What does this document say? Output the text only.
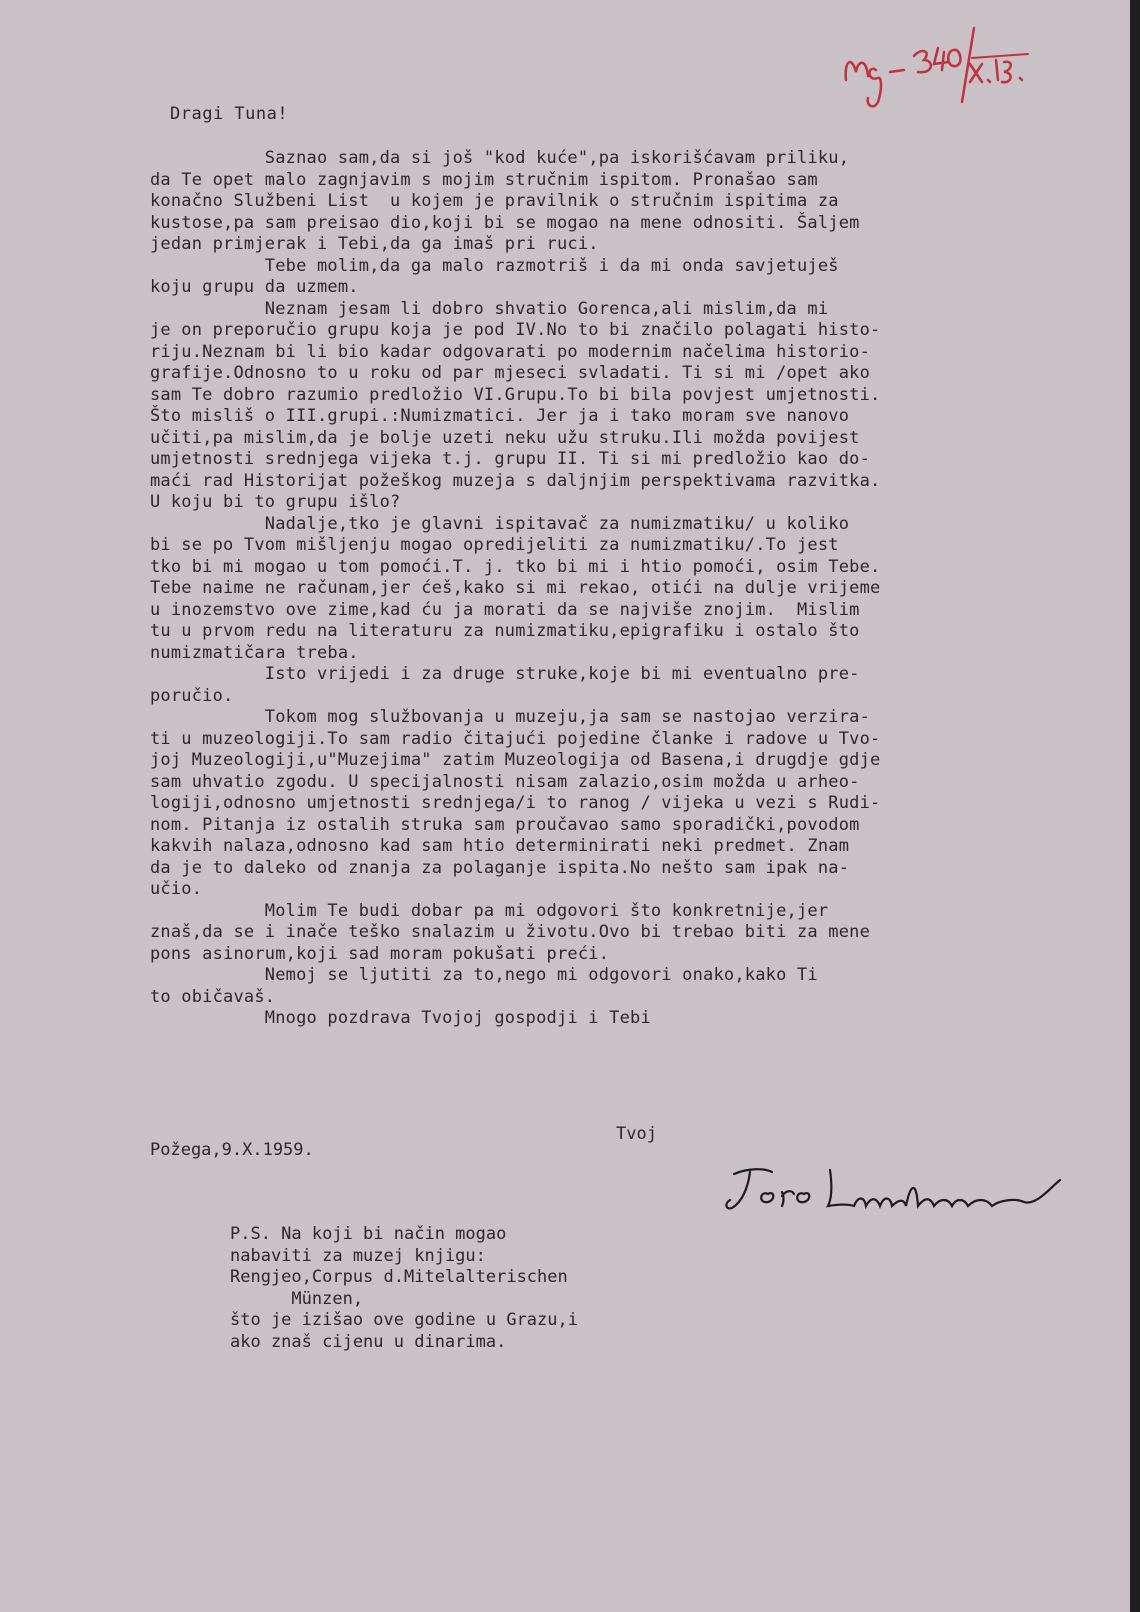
Dragi Tuna!
Saznao sam,da si još "kod kuće",pa iskorišćavam priliku,
da Te opet malo zagnjavim s mojim stručnim ispitom. Pronašao sam
konačno Službeni List  u kojem je pravilnik o stručnim ispitima za
kustose,pa sam preisao dio,koji bi se mogao na mene odnositi. Šaljem
jedan primjerak i Tebi,da ga imaš pri ruci.
Tebe molim,da ga malo razmotriš i da mi onda savjetuješ
koju grupu da uzmem.
Neznam jesam li dobro shvatio Gorenca,ali mislim,da mi
je on preporučio grupu koja je pod IV.No to bi značilo polagati histo-
riju.Neznam bi li bio kadar odgovarati po modernim načelima historio-
grafije.Odnosno to u roku od par mjeseci svladati. Ti si mi /opet ako
sam Te dobro razumio predložio VI.Grupu.To bi bila povjest umjetnosti.
Što misliš o III.grupi.:Numizmatici. Jer ja i tako moram sve nanovo
učiti,pa mislim,da je bolje uzeti neku užu struku.Ili možda povijest
umjetnosti srednjega vijeka t.j. grupu II. Ti si mi predložio kao do-
maći rad Historijat požeškog muzeja s daljnjim perspektivama razvitka.
U koju bi to grupu išlo?
Nadalje,tko je glavni ispitavač za numizmatiku/ u koliko
bi se po Tvom mišljenju mogao opredijeliti za numizmatiku/.To jest
tko bi mi mogao u tom pomoći.T. j. tko bi mi i htio pomoći, osim Tebe.
Tebe naime ne računam,jer ćeš,kako si mi rekao, otići na dulje vrijeme
u inozemstvo ove zime,kad ću ja morati da se najviše znojim.  Mislim
tu u prvom redu na literaturu za numizmatiku,epigrafiku i ostalo što
numizmatičara treba.
Isto vrijedi i za druge struke,koje bi mi eventualno pre-
poručio.
Tokom mog službovanja u muzeju,ja sam se nastojao verzira-
ti u muzeologiji.To sam radio čitajući pojedine članke i radove u Tvo-
joj Muzeologiji,u"Muzejima" zatim Muzeologija od Basena,i drugdje gdje
sam uhvatio zgodu. U specijalnosti nisam zalazio,osim možda u arheo-
logiji,odnosno umjetnosti srednjega/i to ranog / vijeka u vezi s Rudi-
nom. Pitanja iz ostalih struka sam proučavao samo sporadički,povodom
kakvih nalaza,odnosno kad sam htio determinirati neki predmet. Znam
da je to daleko od znanja za polaganje ispita.No nešto sam ipak na-
učio.
Molim Te budi dobar pa mi odgovori što konkretnije,jer
znaš,da se i inače teško snalazim u životu.Ovo bi trebao biti za mene
pons asinorum,koji sad moram pokušati preći.
Nemoj se ljutiti za to,nego mi odgovori onako,kako Ti
to običavaš.
Mnogo pozdrava Tvojoj gospodji i Tebi
Tvoj
Požega,9.X.1959.
P.S. Na koji bi način mogao
nabaviti za muzej knjigu:
Rengjeo,Corpus d.Mitelalterischen
Münzen,
što je izišao ove godine u Grazu,i
ako znaš cijenu u dinarima.
